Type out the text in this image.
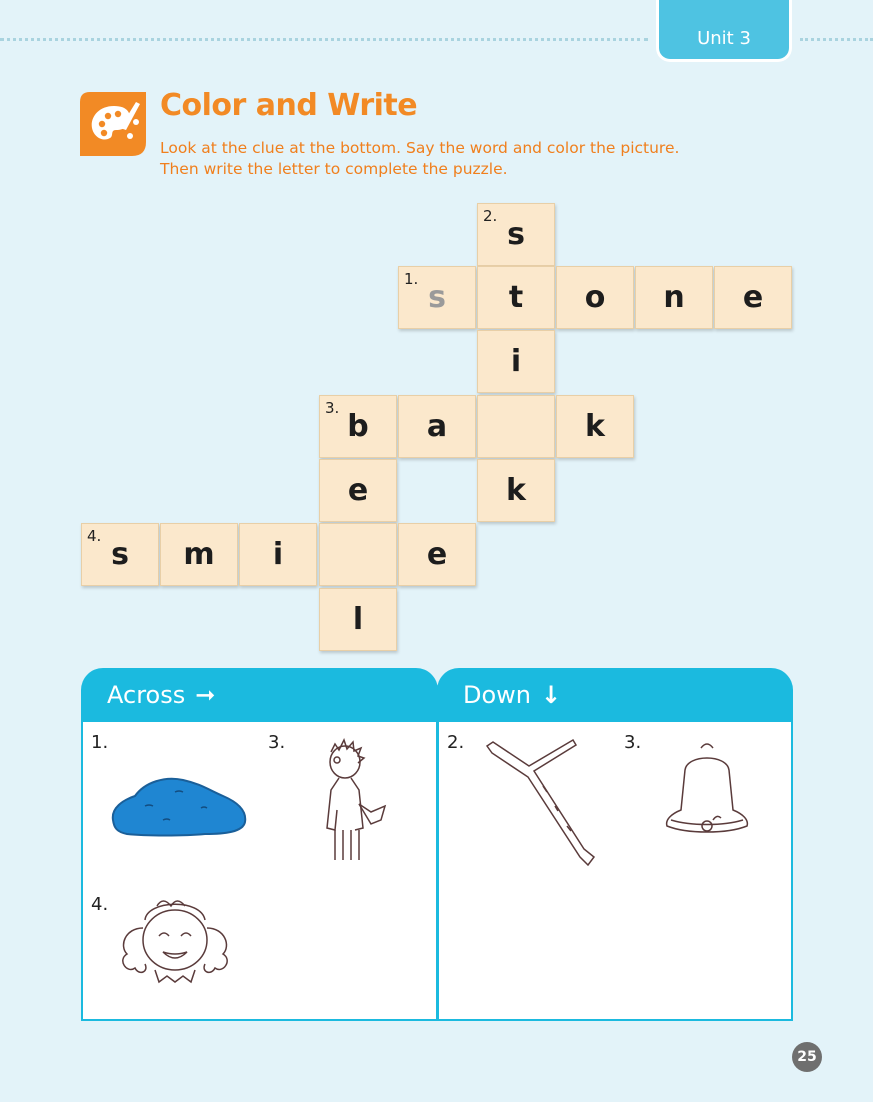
Unit 3
Color and Write
Look at the clue at the bottom. Say the word and color the picture.
Then write the letter to complete the puzzle.
2.
s
1.
s t o n e
i
3.
b a	k
e	k
4.
s m i	e
l
Across ➞
1.	3.
4.
Down ↓
2.	3.
25
